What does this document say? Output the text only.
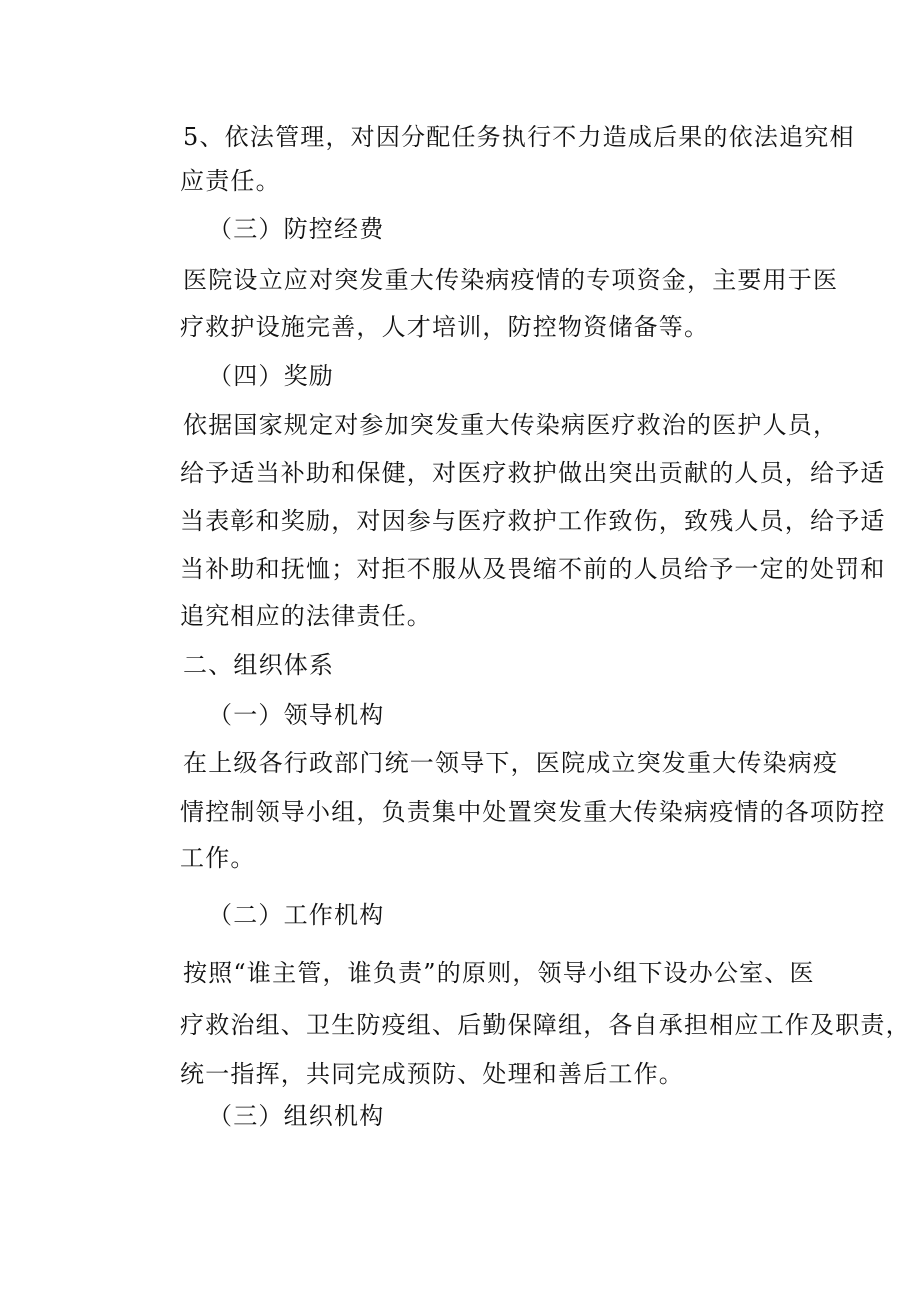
5、依法管理，对因分配任务执行不力造成后果的依法追究相
应责任。
（三）防控经费
医院设立应对突发重大传染病疫情的专项资金，主要用于医
疗救护设施完善，人才培训，防控物资储备等。
（四）奖励
依据国家规定对参加突发重大传染病医疗救治的医护人员，
给予适当补助和保健，对医疗救护做出突出贡献的人员，给予适
当表彰和奖励，对因参与医疗救护工作致伤，致残人员，给予适
当补助和抚恤；对拒不服从及畏缩不前的人员给予一定的处罚和
追究相应的法律责任。
二、组织体系
（一）领导机构
在上级各行政部门统一领导下，医院成立突发重大传染病疫
情控制领导小组，负责集中处置突发重大传染病疫情的各项防控
工作。
（二）工作机构
按照“谁主管，谁负责”的原则，领导小组下设办公室、医
疗救治组、卫生防疫组、后勤保障组，各自承担相应工作及职责，
统一指挥，共同完成预防、处理和善后工作。
（三）组织机构
